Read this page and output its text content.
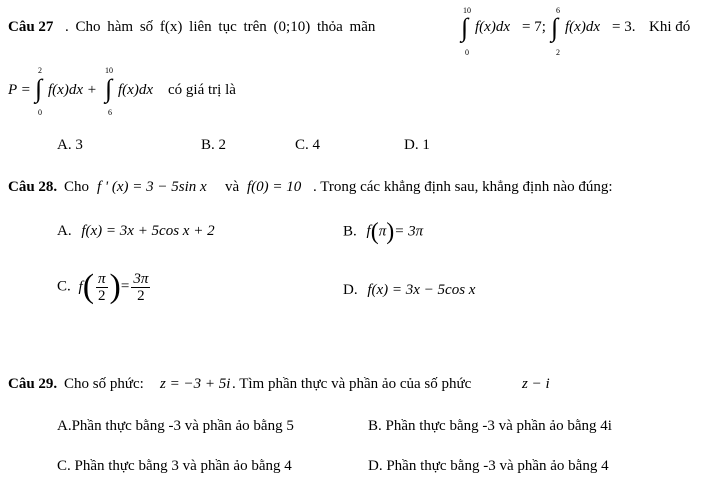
Câu 27 . Cho hàm số f(x) liên tục trên (0;10) thỏa mãn
10
∫
0
f(x)dx = 7;
6
∫
2
f(x)dx = 3. Khi đó
P =
2
∫
0
f(x)dx +
10
∫
6
f(x)dx có giá trị là
A. 3	B. 2	C. 4	D. 1
Câu 28. Cho f ' (x) = 3 − 5sin x và f(0) = 10 . Trong các khẳng định sau, khẳng định nào đúng:
A. f(x) = 3x + 5cos x + 2	B. f(π)= 3π
C. $f( \frac{\pi}{2}$ )= $\frac{3\pi}{2}$	D. f(x) = 3x − 5cos x
Câu 29. Cho số phức: z = −3 + 5i . Tìm phần thực và phần ảo của số phức	z − i
A.Phần thực bằng -3 và phần ảo bằng 5	B. Phần thực bằng -3 và phần ảo bằng 4i
C. Phần thực bằng 3 và phần ảo bằng 4	D. Phần thực bằng -3 và phần ảo bằng 4
